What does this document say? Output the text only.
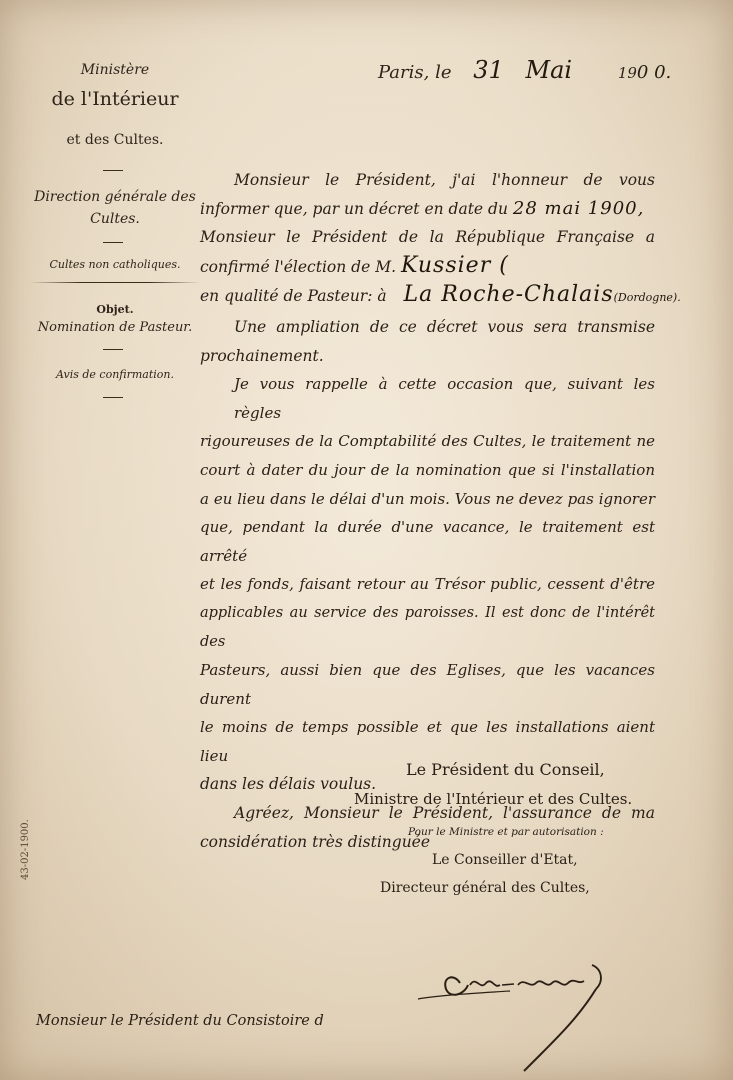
Ministère
de l'Intérieur
et des Cultes.
Direction générale des Cultes.
Cultes non catholiques.
Objet.
Nomination de Pasteur.
Avis de confirmation.
43-02-1900.
Paris, le 31 Mai	190 0.
Monsieur le Président, j'ai l'honneur de vous
informer que, par un décret en date du 28 mai 1900,
Monsieur le Président de la République Française a
confirmé l'élection de M. Kussier (
en qualité de Pasteur: à La Roche-Chalais(Dordogne).
Une ampliation de ce décret vous sera transmise
prochainement.
Je vous rappelle à cette occasion que, suivant les règles
rigoureuses de la Comptabilité des Cultes, le traitement ne
court à dater du jour de la nomination que si l'installation
a eu lieu dans le délai d'un mois. Vous ne devez pas ignorer
que, pendant la durée d'une vacance, le traitement est arrêté
et les fonds, faisant retour au Trésor public, cessent d'être
applicables au service des paroisses. Il est donc de l'intérêt des
Pasteurs, aussi bien que des Eglises, que les vacances durent
le moins de temps possible et que les installations aient lieu
dans les délais voulus.
Agréez, Monsieur le Président, l'assurance de ma
considération très distinguée
Le Président du Conseil,
Ministre de l'Intérieur et des Cultes.
Pour le Ministre et par autorisation :
Le Conseiller d'Etat,
Directeur général des Cultes,
Monsieur le Président du Consistoire d
